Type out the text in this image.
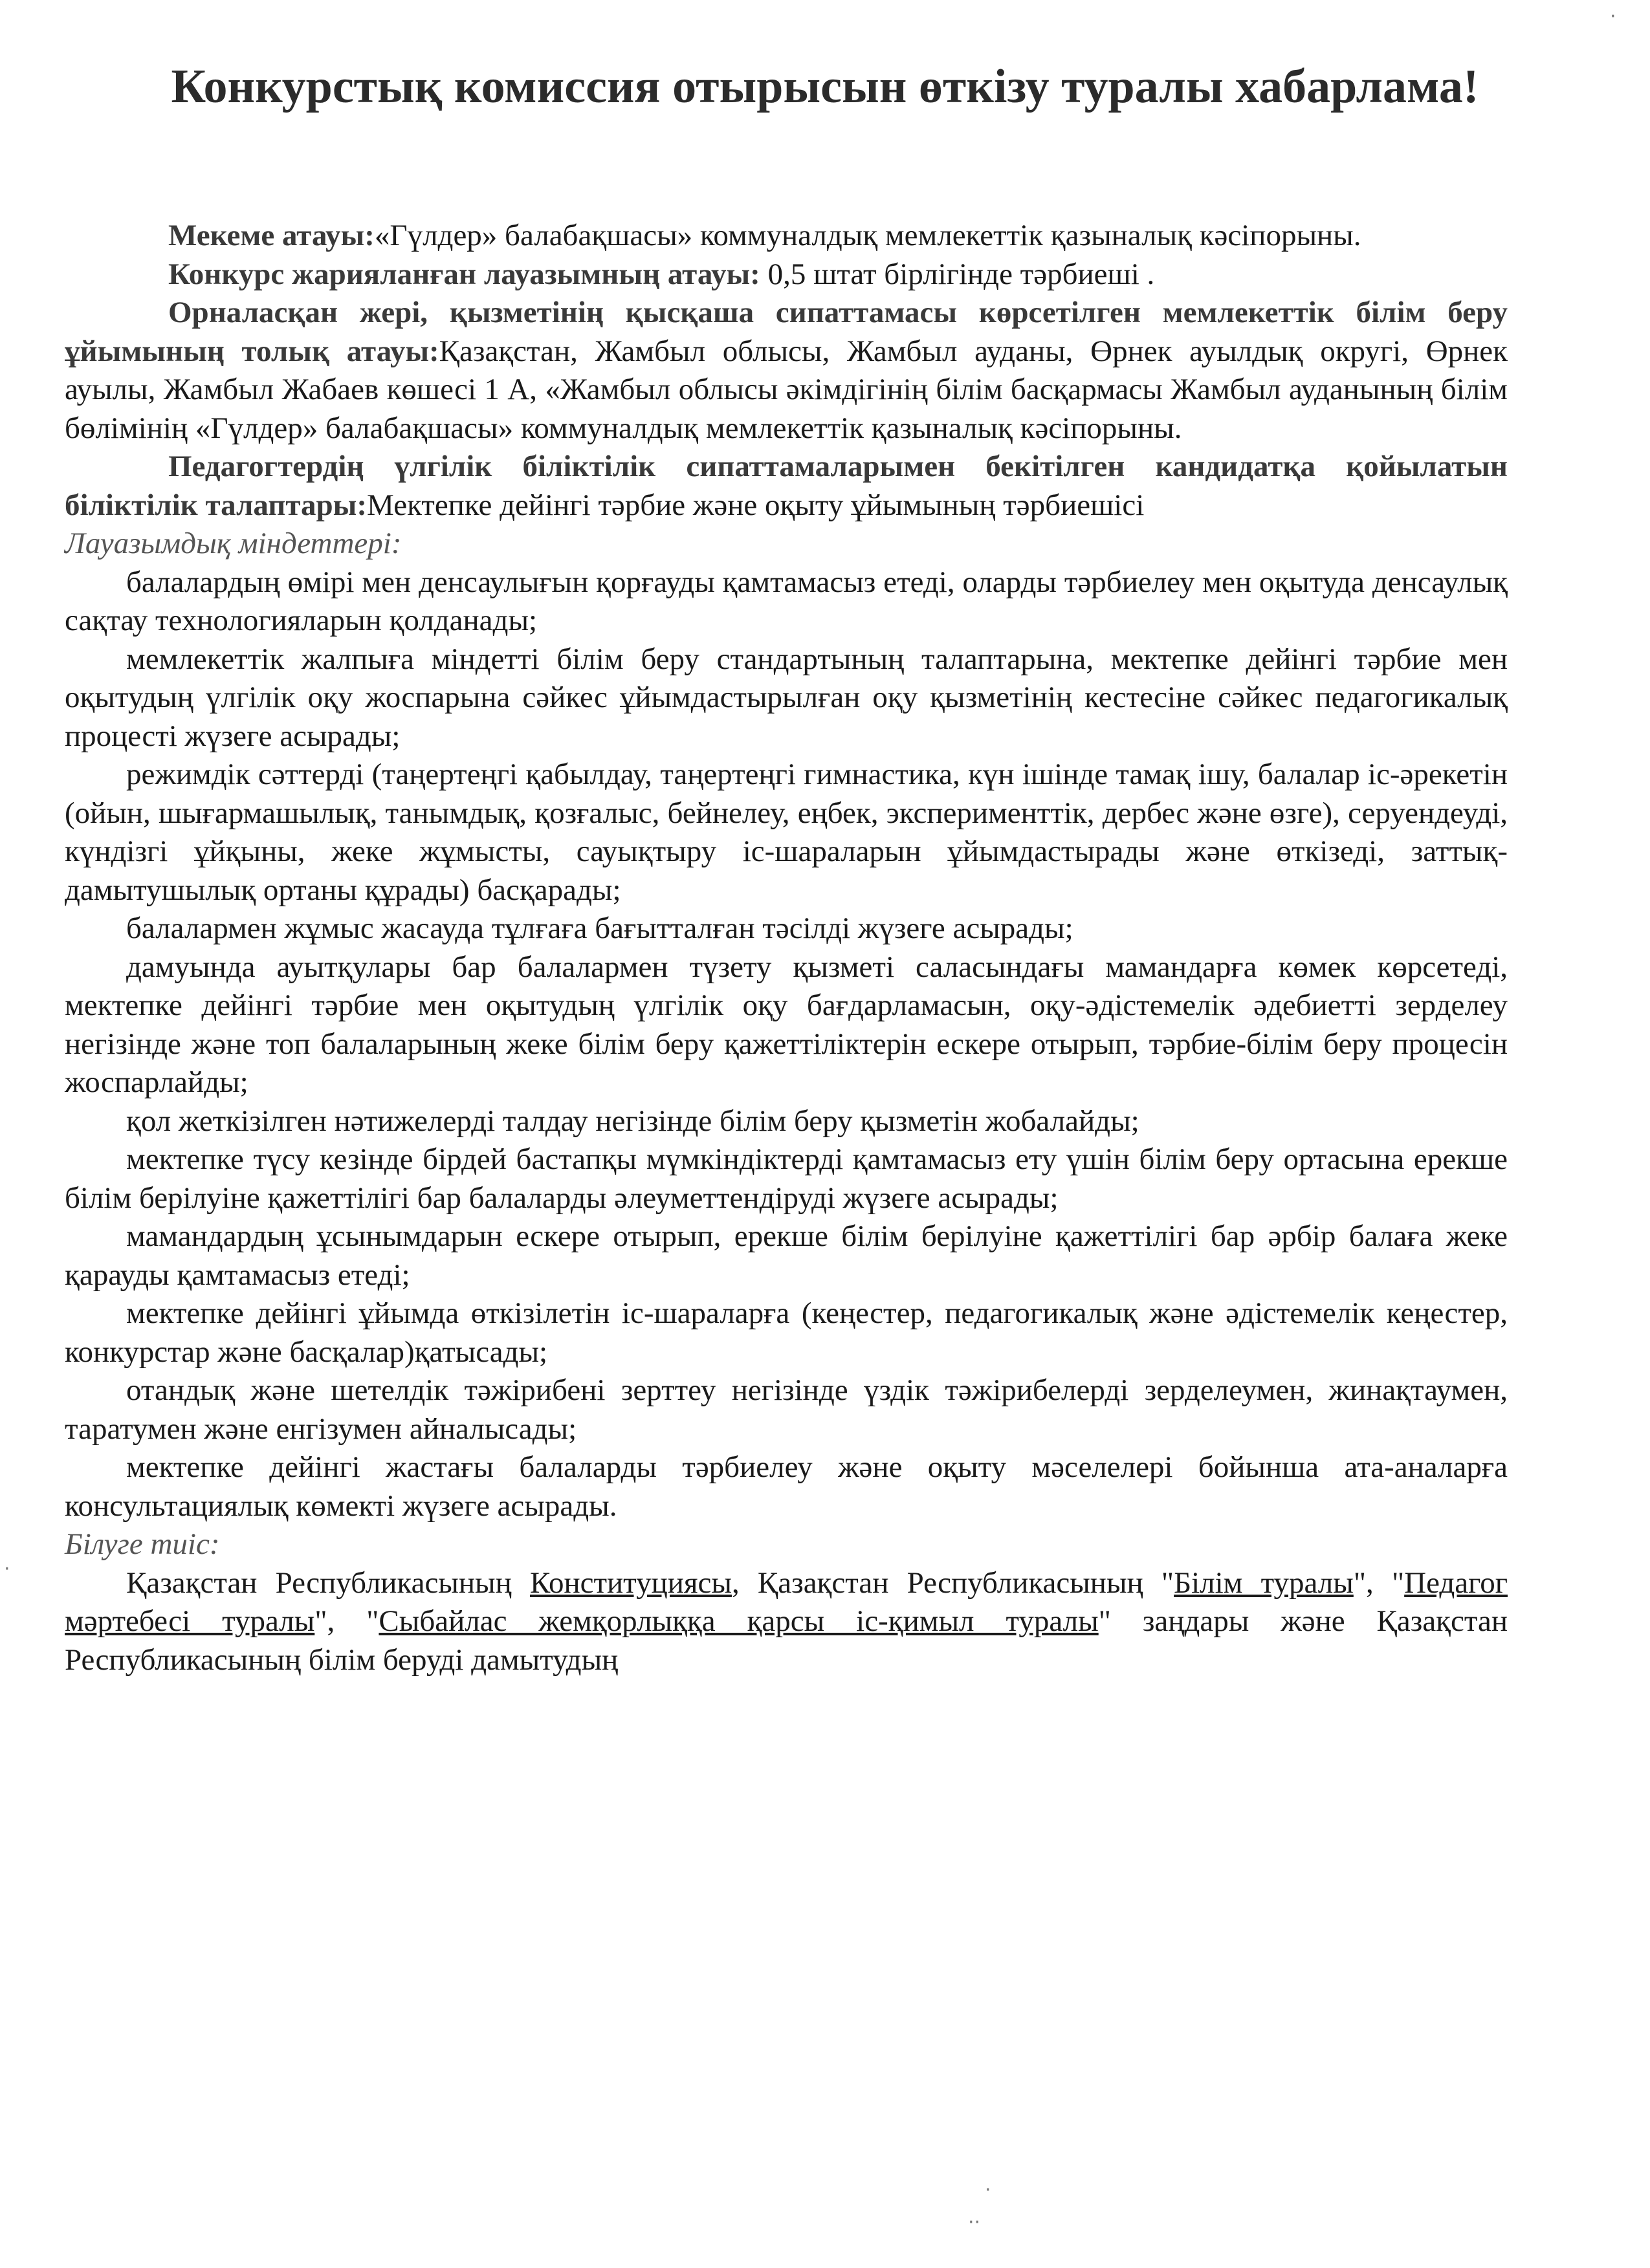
Конкурстық комиссия отырысын өткізу туралы хабарлама!

Мекеме атауы:«Гүлдер» балабақшасы» коммуналдық мемлекеттік қазыналық кәсіпорыны.

Конкурс жарияланған лауазымның атауы: 0,5 штат бірлігінде тәрбиеші .

Орналасқан жері, қызметінің қысқаша сипаттамасы көрсетілген мемлекеттік білім беру ұйымының толық атауы:Қазақстан, Жамбыл облысы, Жамбыл ауданы, Өрнек ауылдық округі, Өрнек ауылы, Жамбыл Жабаев көшесі 1 А, «Жамбыл облысы әкімдігінің білім басқармасы Жамбыл ауданының білім бөлімінің «Гүлдер» балабақшасы» коммуналдық мемлекеттік қазыналық кәсіпорыны.

Педагогтердің үлгілік біліктілік сипаттамаларымен бекітілген кандидатқа қойылатын біліктілік талаптары:Мектепке дейінгі тәрбие және оқыту ұйымының тәрбиешісі

Лауазымдық міндеттері:

балалардың өмірі мен денсаулығын қорғауды қамтамасыз етеді, оларды тәрбиелеу мен оқытуда денсаулық сақтау технологияларын қолданады;

мемлекеттік жалпыға міндетті білім беру стандартының талаптарына, мектепке дейінгі тәрбие мен оқытудың үлгілік оқу жоспарына сәйкес ұйымдастырылған оқу қызметінің кестесіне сәйкес педагогикалық процесті жүзеге асырады;

режимдік сәттерді (таңертеңгі қабылдау, таңертеңгі гимнастика, күн ішінде тамақ ішу, балалар іс-әрекетін (ойын, шығармашылық, танымдық, қозғалыс, бейнелеу, еңбек, эксперименттік, дербес және өзге), серуендеуді, күндізгі ұйқыны, жеке жұмысты, сауықтыру іс-шараларын ұйымдастырады және өткізеді, заттық-дамытушылық ортаны құрады) басқарады;

балалармен жұмыс жасауда тұлғаға бағытталған тәсілді жүзеге асырады;

дамуында ауытқулары бар балалармен түзету қызметі саласындағы мамандарға көмек көрсетеді, мектепке дейінгі тәрбие мен оқытудың үлгілік оқу бағдарламасын, оқу-әдістемелік әдебиетті зерделеу негізінде және топ балаларының жеке білім беру қажеттіліктерін ескере отырып, тәрбие-білім беру процесін жоспарлайды;

қол жеткізілген нәтижелерді талдау негізінде білім беру қызметін жобалайды;

мектепке түсу кезінде бірдей бастапқы мүмкіндіктерді қамтамасыз ету үшін білім беру ортасына ерекше білім берілуіне қажеттілігі бар балаларды әлеуметтендіруді жүзеге асырады;

мамандардың ұсынымдарын ескере отырып, ерекше білім берілуіне қажеттілігі бар әрбір балаға жеке қарауды қамтамасыз етеді;

мектепке дейінгі ұйымда өткізілетін іс-шараларға (кеңестер, педагогикалық және әдістемелік кеңестер, конкурстар және басқалар)қатысады;

отандық және шетелдік тәжірибені зерттеу негізінде үздік тәжірибелерді зерделеумен, жинақтаумен, таратумен және енгізумен айналысады;

мектепке дейінгі жастағы балаларды тәрбиелеу және оқыту мәселелері бойынша ата-аналарға консультациялық көмекті жүзеге асырады.

Білуге тиіс:

Қазақстан Республикасының Конституциясы, Қазақстан Республикасының "Білім туралы", "Педагог мәртебесі туралы", "Сыбайлас жемқорлыққа қарсы іс-қимыл туралы" заңдары және Қазақстан Республикасының білім беруді дамытудың

·
·
·
··
